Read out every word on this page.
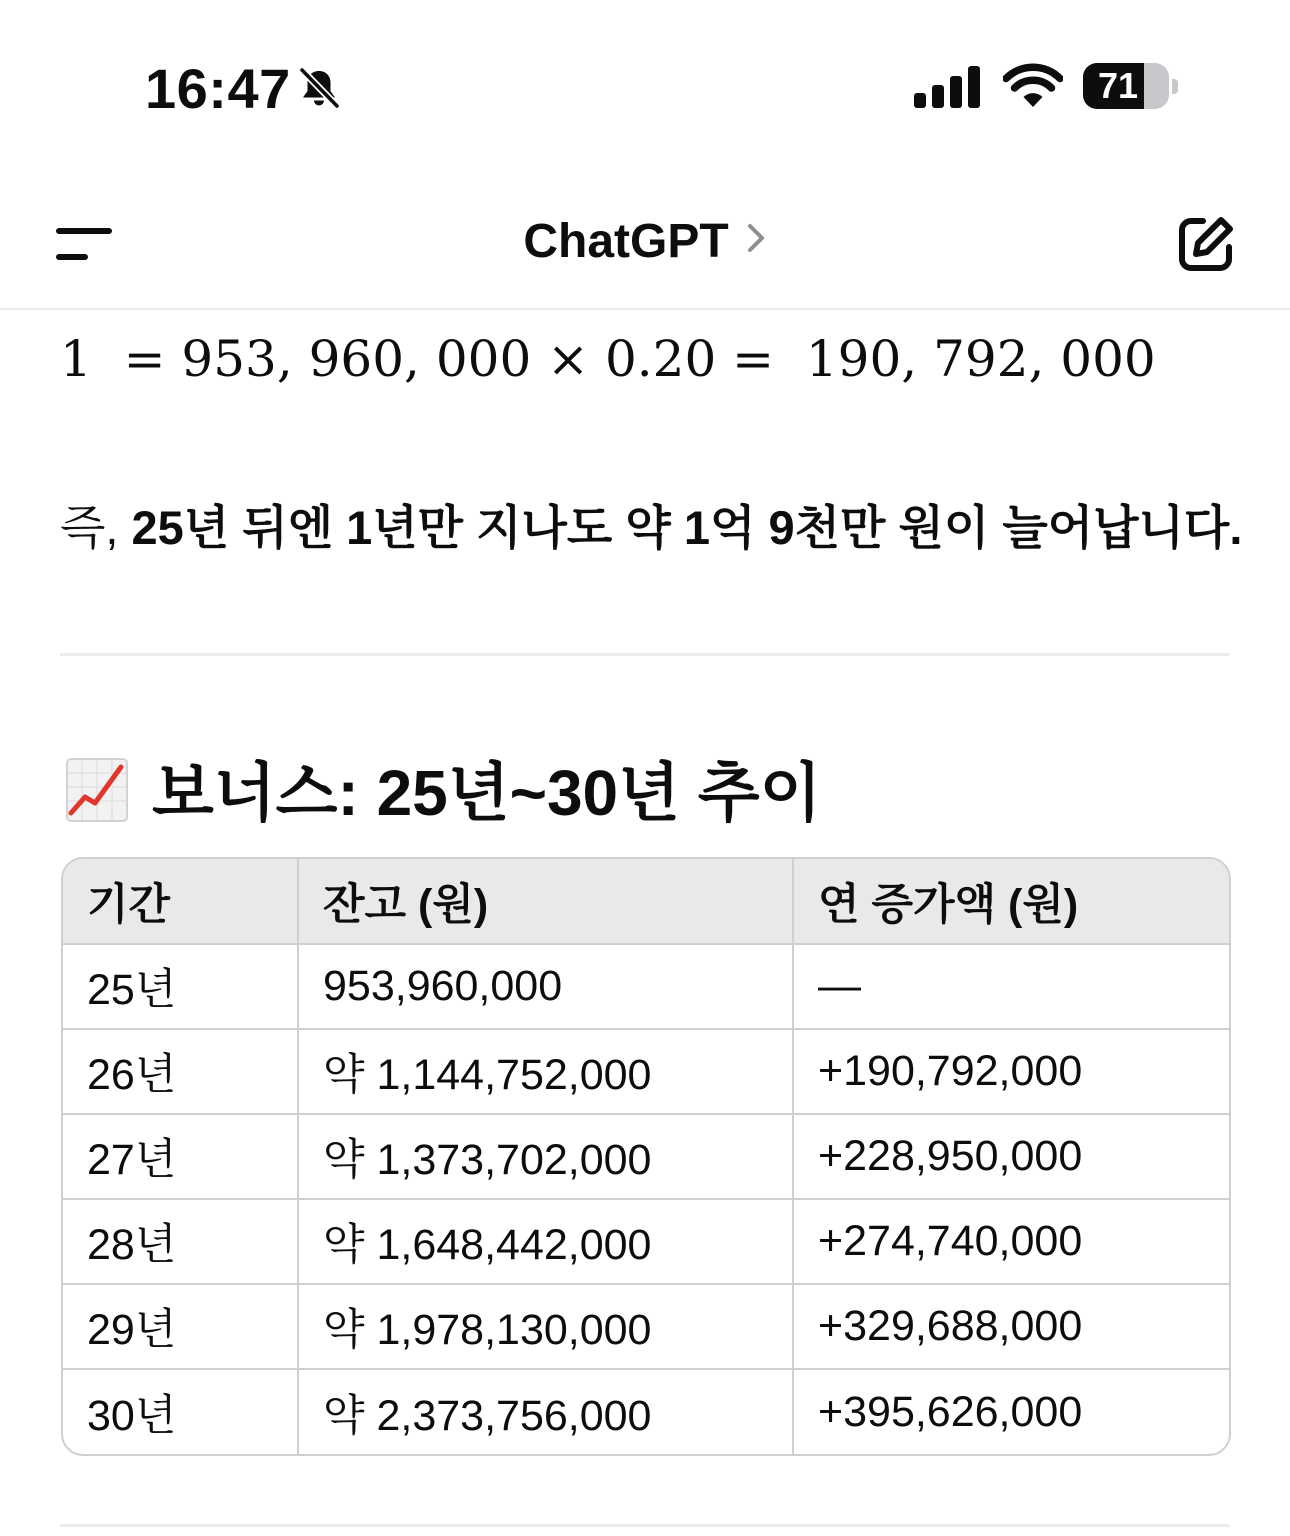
16:47	71
ChatGPT
1  = 953, 960, 000 × 0.20 =  190, 792, 000
즉, 25년 뒤엔 1년만 지나도 약 1억 9천만 원이 늘어납니다.
보너스: 25년~30년 추이
기간	잔고 (원)	연 증가액 (원)
25년	953,960,000	—
26년	약 1,144,752,000	+190,792,000
27년	약 1,373,702,000	+228,950,000
28년	약 1,648,442,000	+274,740,000
29년	약 1,978,130,000	+329,688,000
30년	약 2,373,756,000	+395,626,000
